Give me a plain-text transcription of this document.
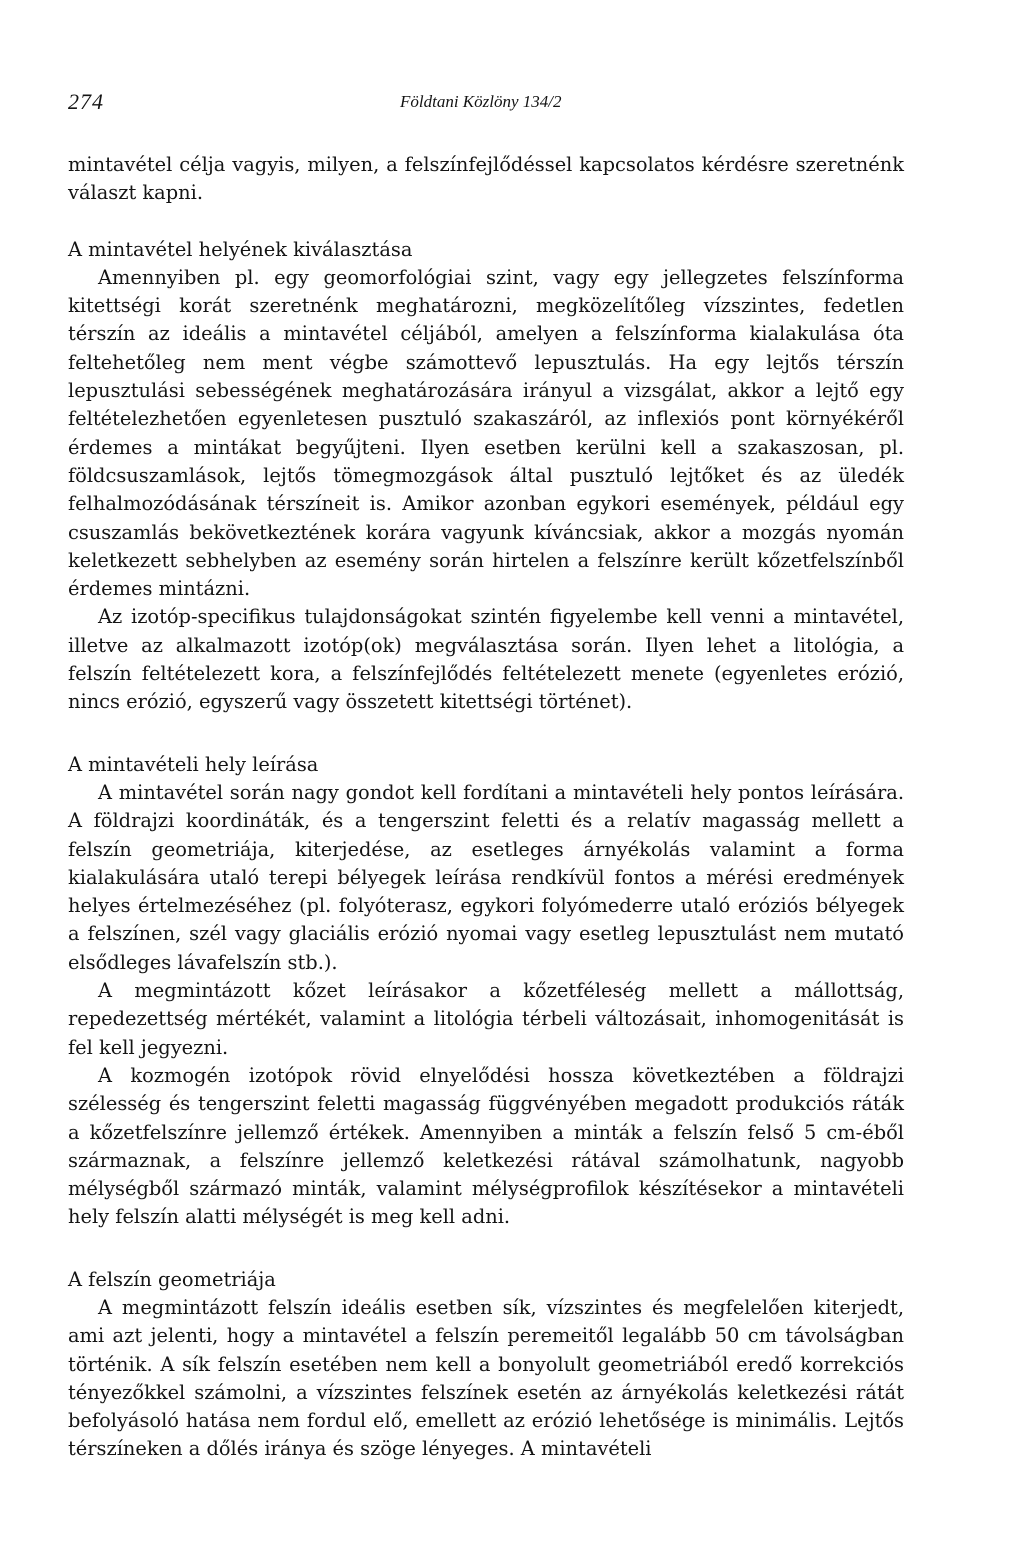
274	Földtani Közlöny 134/2

mintavétel célja vagyis, milyen, a felszínfejlődéssel kapcsolatos kérdésre szeretnénk választ kapni.

A mintavétel helyének kiválasztása

Amennyiben pl. egy geomorfológiai szint, vagy egy jellegzetes felszínforma kitettségi korát szeretnénk meghatározni, megközelítőleg vízszintes, fedetlen térszín az ideális a mintavétel céljából, amelyen a felszínforma kialakulása óta feltehetőleg nem ment végbe számottevő lepusztulás. Ha egy lejtős térszín lepusztulási sebességének meghatározására irányul a vizsgálat, akkor a lejtő egy feltételezhetően egyenletesen pusztuló szakaszáról, az inflexiós pont környékéről érdemes a mintákat begyűjteni. Ilyen esetben kerülni kell a szakaszosan, pl. földcsuszamlások, lejtős tömegmozgások által pusztuló lejtőket és az üledék felhalmozódásának térszíneit is. Amikor azonban egykori események, például egy csuszamlás bekövetkeztének korára vagyunk kíváncsiak, akkor a mozgás nyomán keletkezett sebhelyben az esemény során hirtelen a felszínre került kőzetfelszínből érdemes mintázni.

Az izotóp-specifikus tulajdonságokat szintén figyelembe kell venni a mintavétel, illetve az alkalmazott izotóp(ok) megválasztása során. Ilyen lehet a litológia, a felszín feltételezett kora, a felszínfejlődés feltételezett menete (egyenletes erózió, nincs erózió, egyszerű vagy összetett kitettségi történet).

A mintavételi hely leírása

A mintavétel során nagy gondot kell fordítani a mintavételi hely pontos leírására. A földrajzi koordináták, és a tengerszint feletti és a relatív magasság mellett a felszín geometriája, kiterjedése, az esetleges árnyékolás valamint a forma kialakulására utaló terepi bélyegek leírása rendkívül fontos a mérési eredmények helyes értelmezéséhez (pl. folyóterasz, egykori folyómederre utaló eróziós bélyegek a felszínen, szél vagy glaciális erózió nyomai vagy esetleg lepusztulást nem mutató elsődleges lávafelszín stb.).

A megmintázott kőzet leírásakor a kőzetféleség mellett a mállottság, repedezettség mértékét, valamint a litológia térbeli változásait, inhomogenitását is fel kell jegyezni.

A kozmogén izotópok rövid elnyelődési hossza következtében a földrajzi szélesség és tengerszint feletti magasság függvényében megadott produkciós ráták a kőzetfelszínre jellemző értékek. Amennyiben a minták a felszín felső 5 cm-éből származnak, a felszínre jellemző keletkezési rátával számolhatunk, nagyobb mélységből származó minták, valamint mélységprofilok készítésekor a mintavételi hely felszín alatti mélységét is meg kell adni.

A felszín geometriája

A megmintázott felszín ideális esetben sík, vízszintes és megfelelően kiterjedt, ami azt jelenti, hogy a mintavétel a felszín peremeitől legalább 50 cm távolságban történik. A sík felszín esetében nem kell a bonyolult geometriából eredő korrekciós tényezőkkel számolni, a vízszintes felszínek esetén az árnyékolás keletkezési rátát befolyásoló hatása nem fordul elő, emellett az erózió lehetősége is minimális. Lejtős térszíneken a dőlés iránya és szöge lényeges. A mintavételi
